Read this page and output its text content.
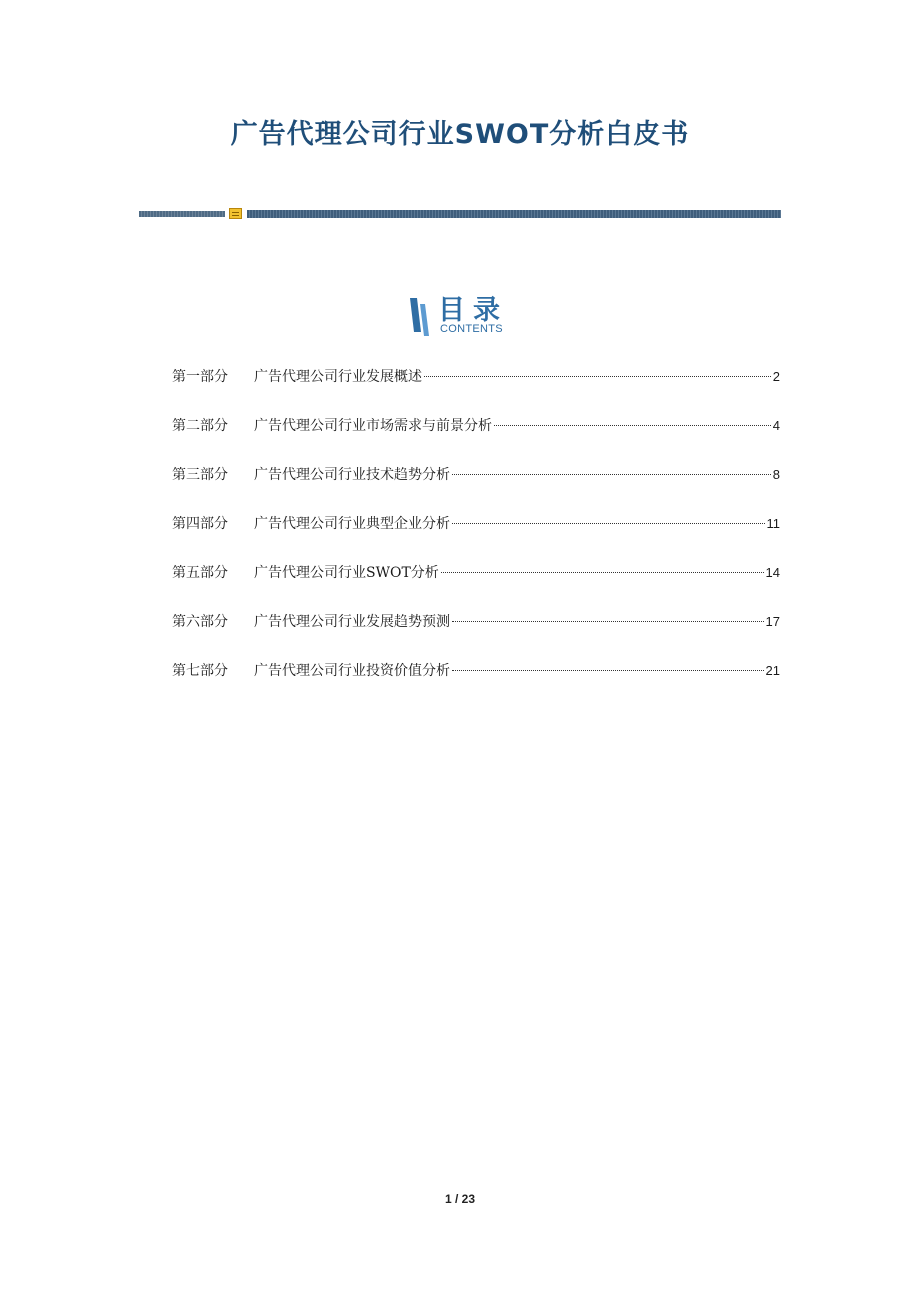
广告代理公司行业SWOT分析白皮书
目录
CONTENTS
第一部分	广告代理公司行业发展概述	2
第二部分	广告代理公司行业市场需求与前景分析	4
第三部分	广告代理公司行业技术趋势分析	8
第四部分	广告代理公司行业典型企业分析	11
第五部分	广告代理公司行业SWOT分析	14
第六部分	广告代理公司行业发展趋势预测	17
第七部分	广告代理公司行业投资价值分析	21
1 / 23
